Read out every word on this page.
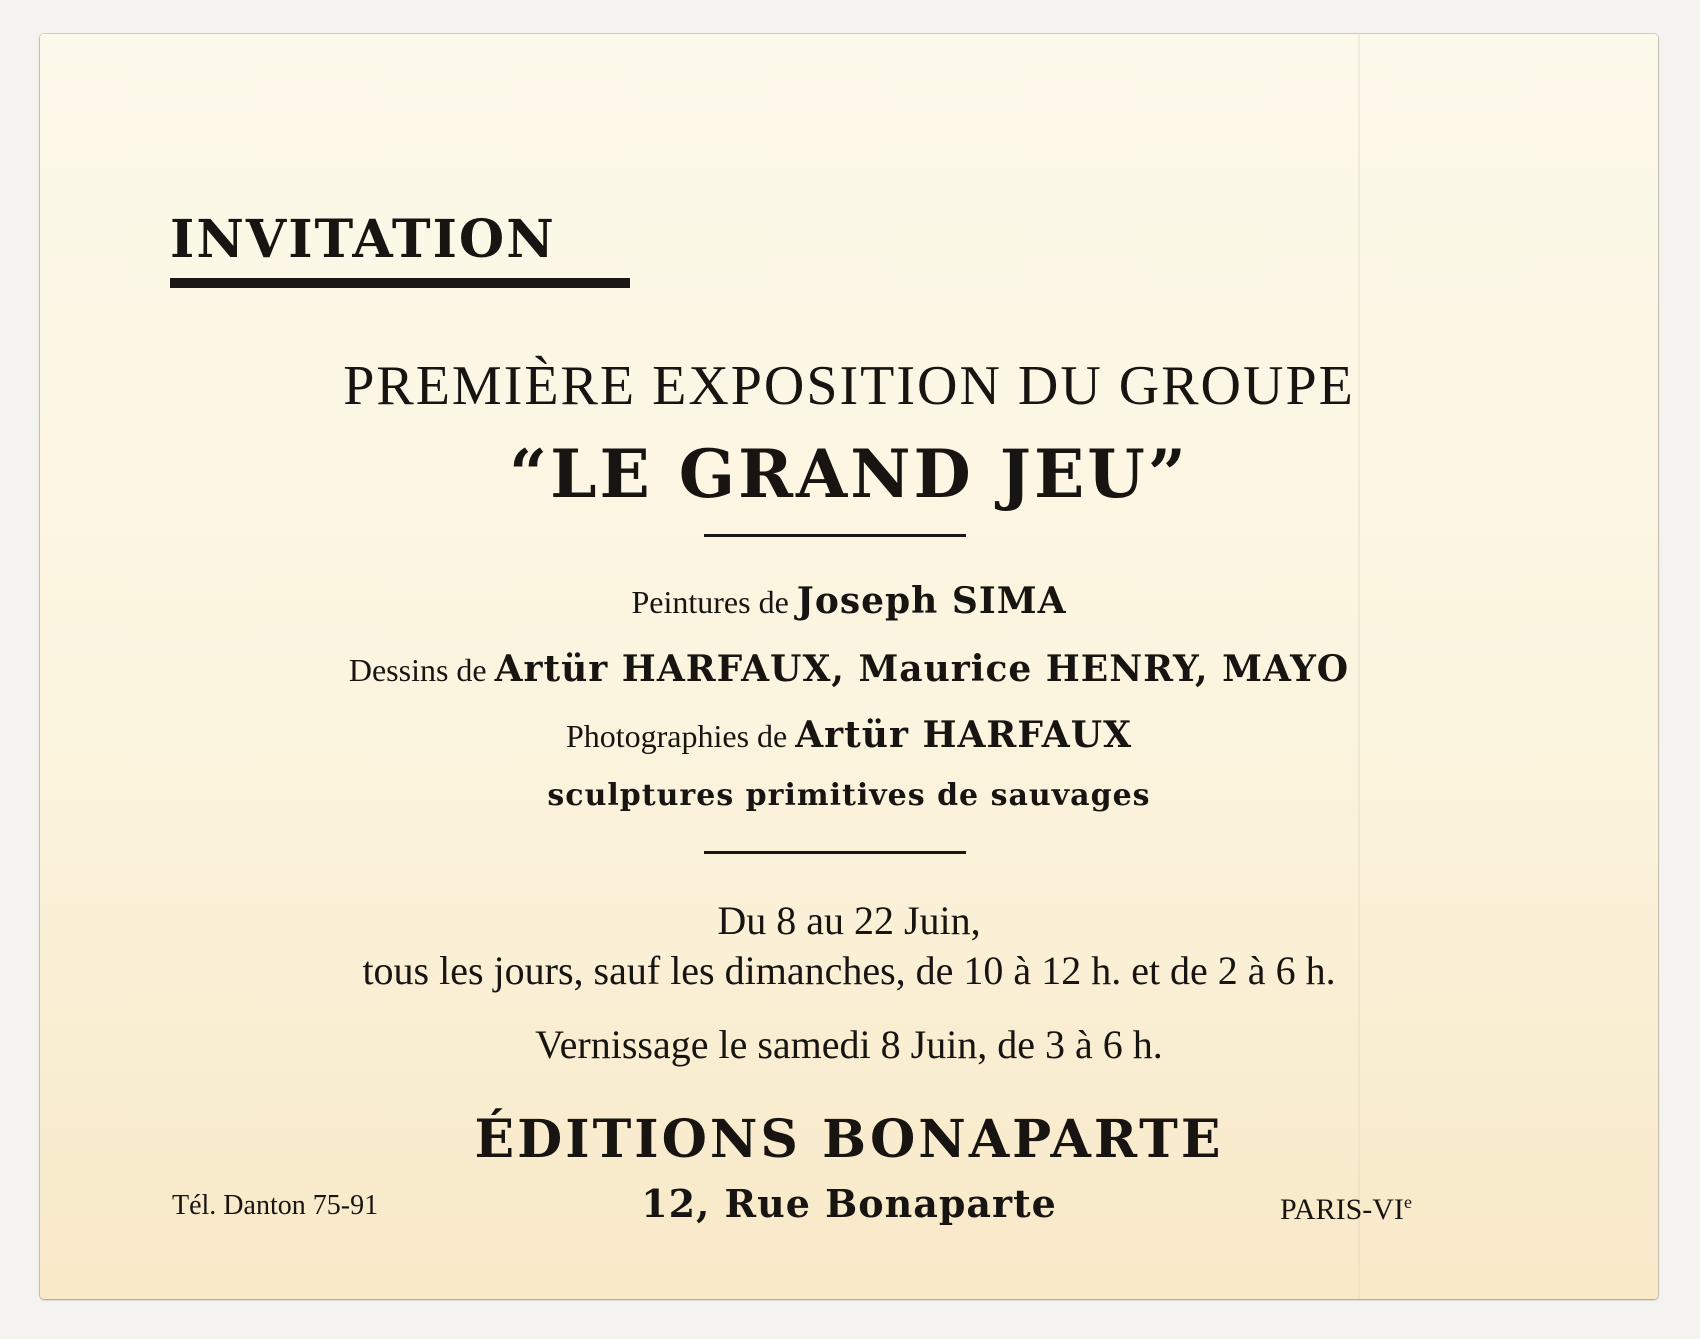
INVITATION
PREMIÈRE EXPOSITION DU GROUPE
“LE GRAND JEU”
Peintures de Joseph SIMA
Dessins de Artür HARFAUX, Maurice HENRY, MAYO
Photographies de Artür HARFAUX
sculptures primitives de sauvages
Du 8 au 22 Juin,
tous les jours, sauf les dimanches, de 10 à 12 h. et de 2 à 6 h.
Vernissage le samedi 8 Juin, de 3 à 6 h.
ÉDITIONS BONAPARTE
Tél. Danton 75-91	12, Rue Bonaparte	PARIS-VIe
